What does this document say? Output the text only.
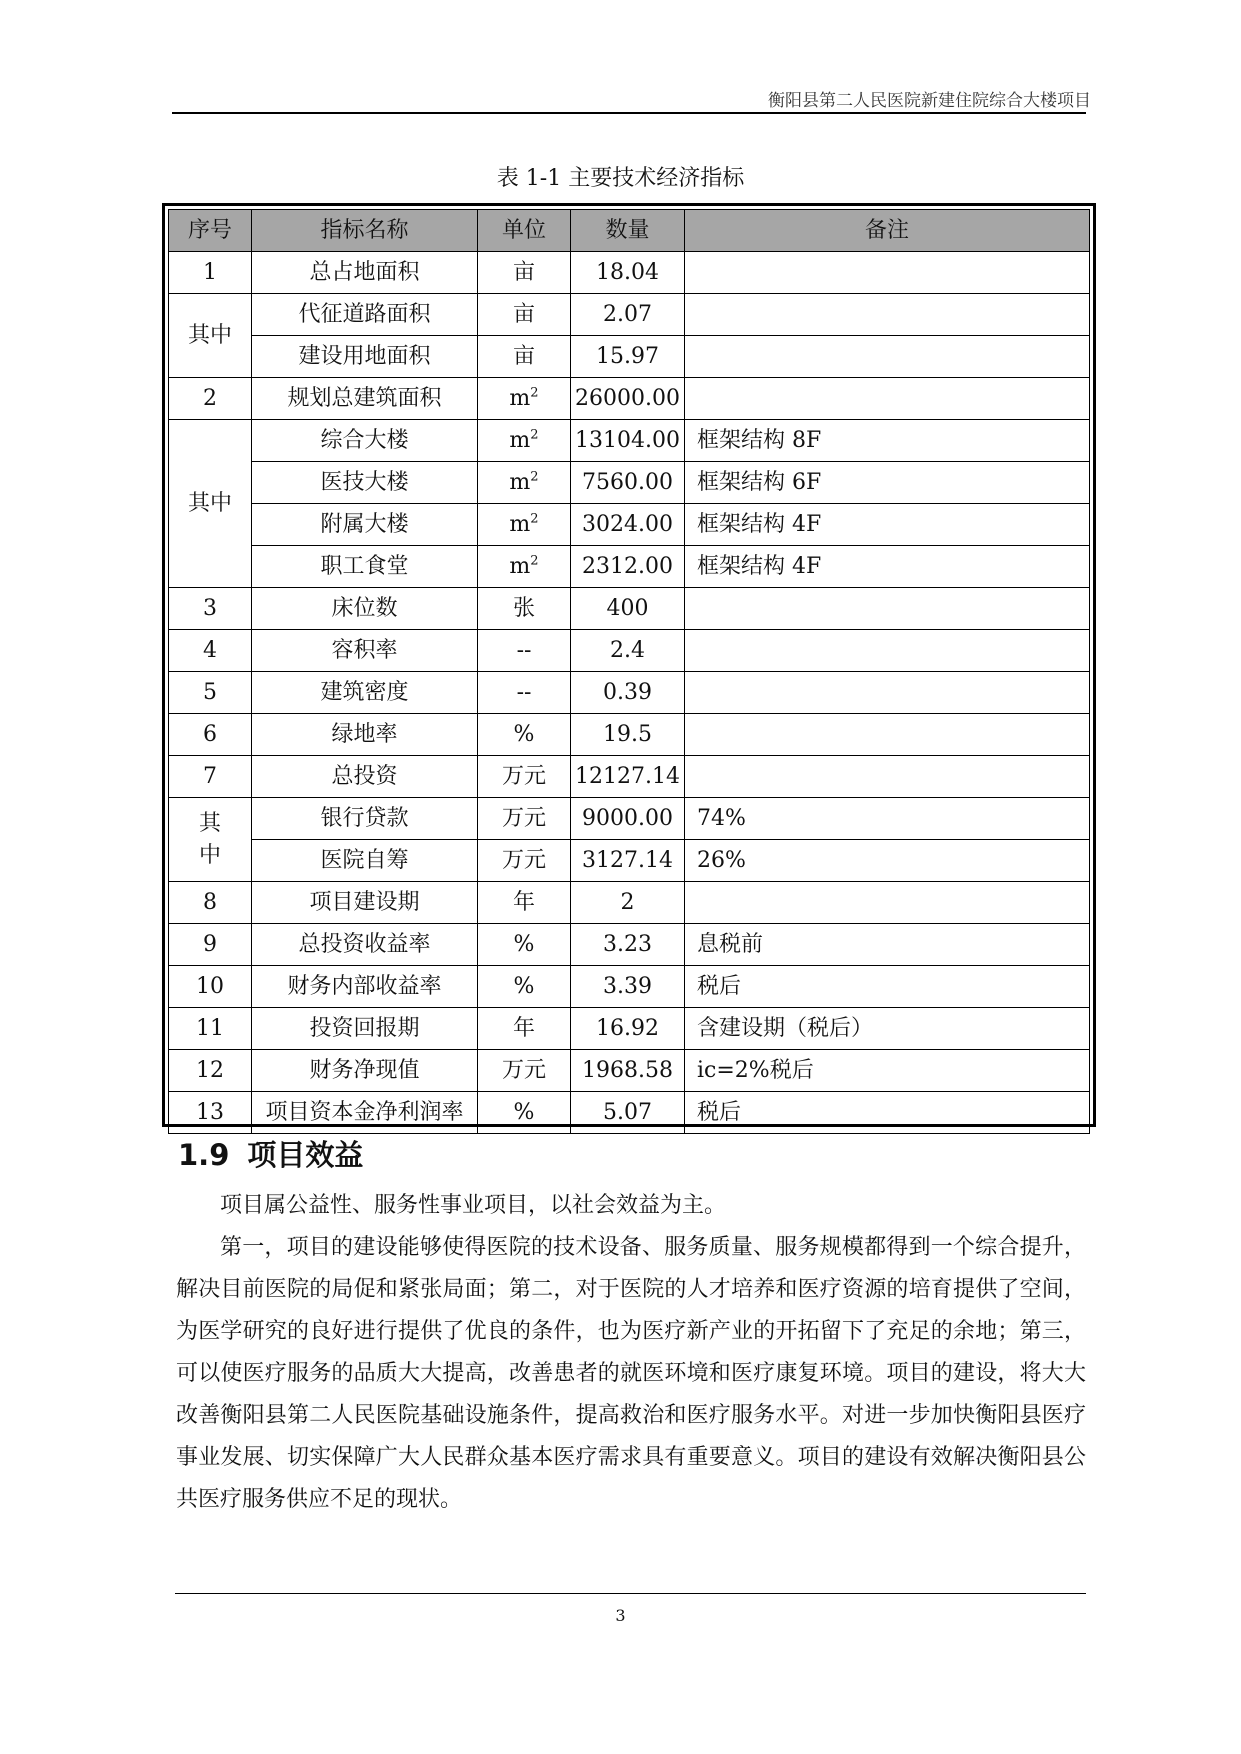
衡阳县第二人民医院新建住院综合大楼项目
表 1-1 主要技术经济指标
序号	指标名称	单位	数量	备注
1	总占地面积	亩	18.04	
其中	代征道路面积	亩	2.07	
	建设用地面积	亩	15.97	
2	规划总建筑面积	$m^2$	26000.00	
其中	综合大楼	$m^2$	13104.00	框架结构 8F
	医技大楼	$m^2$	7560.00	框架结构 6F
	附属大楼	$m^2$	3024.00	框架结构 4F
	职工食堂	$m^2$	2312.00	框架结构 4F
3	床位数	张	400	
4	容积率	--	2.4	
5	建筑密度	--	0.39	
6	绿地率	%	19.5	
7	总投资	万元	12127.14	
其中	银行贷款	万元	9000.00	74%
	医院自筹	万元	3127.14	26%
8	项目建设期	年	2	
9	总投资收益率	%	3.23	息税前
10	财务内部收益率	%	3.39	税后
11	投资回报期	年	16.92	含建设期（税后）
12	财务净现值	万元	1968.58	ic=2%税后
13	项目资本金净利润率	%	5.07	税后
1.9 项目效益

项目属公益性、服务性事业项目，以社会效益为主。

第一，项目的建设能够使得医院的技术设备、服务质量、服务规模都得到一个综合提升，解决目前医院的局促和紧张局面；第二，对于医院的人才培养和医疗资源的培育提供了空间，为医学研究的良好进行提供了优良的条件，也为医疗新产业的开拓留下了充足的余地；第三，可以使医疗服务的品质大大提高，改善患者的就医环境和医疗康复环境。项目的建设，将大大改善衡阳县第二人民医院基础设施条件，提高救治和医疗服务水平。对进一步加快衡阳县医疗事业发展、切实保障广大人民群众基本医疗需求具有重要意义。项目的建设有效解决衡阳县公共医疗服务供应不足的现状。

3
